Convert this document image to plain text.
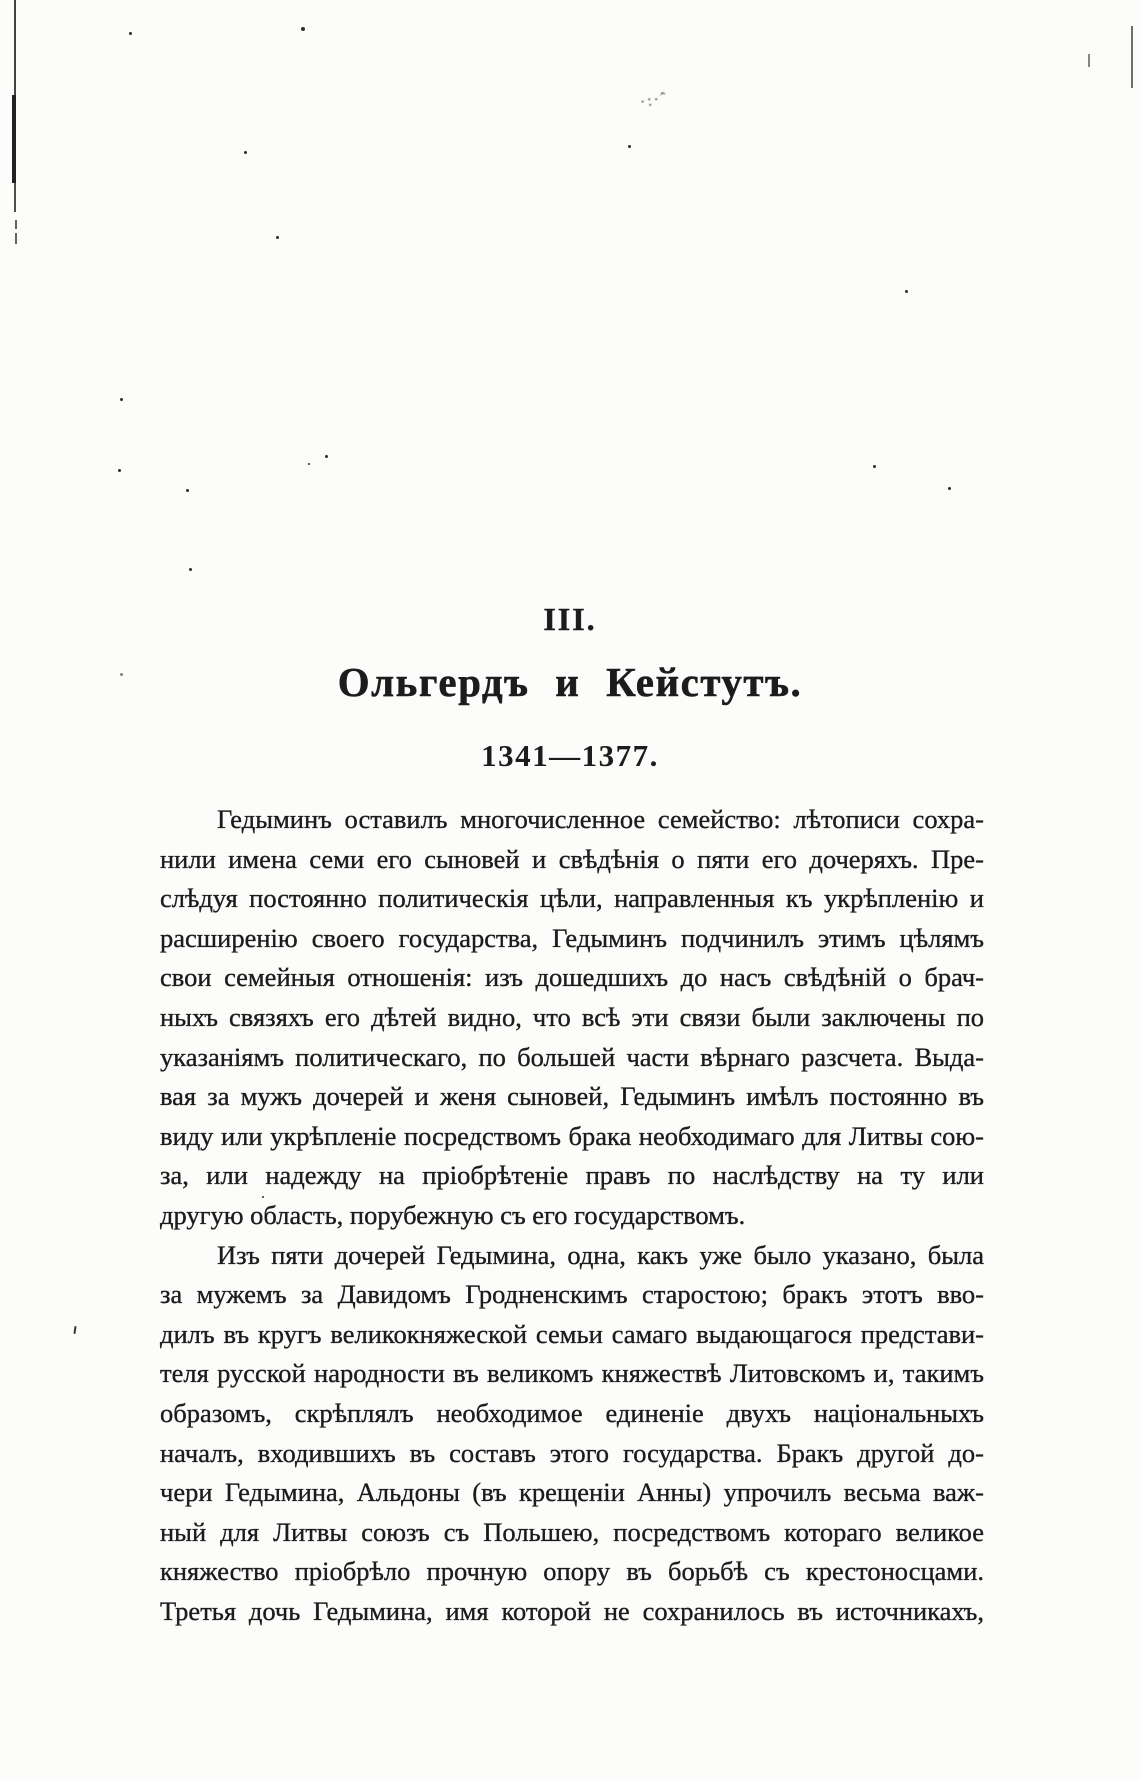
·:·ˆ
III.
Ольгердъ и Кейстутъ.
1341—1377.
Гедыминъ оставилъ многочисленное семейство: лѣтописи сохра-
нили имена семи его сыновей и свѣдѣнія о пяти его дочеряхъ. Пре-
слѣдуя постоянно политическія цѣли, направленныя къ укрѣпленію и
расширенію своего государства, Гедыминъ подчинилъ этимъ цѣлямъ
свои семейныя отношенія: изъ дошедшихъ до насъ свѣдѣній о брач-
ныхъ связяхъ его дѣтей видно, что всѣ эти связи были заключены по
указаніямъ политическаго, по большей части вѣрнаго разсчета. Выда-
вая за мужъ дочерей и женя сыновей, Гедыминъ имѣлъ постоянно въ
виду или укрѣпленіе посредствомъ брака необходимаго для Литвы сою-
за, или надежду на пріобрѣтеніе правъ по наслѣдству на ту или
другую область, порубежную съ его государствомъ.
Изъ пяти дочерей Гедымина, одна, какъ уже было указано, была
за мужемъ за Давидомъ Гродненскимъ старостою; бракъ этотъ вво-
дилъ въ кругъ великокняжеской семьи самаго выдающагося представи-
теля русской народности въ великомъ княжествѣ Литовскомъ и, такимъ
образомъ, скрѣплялъ необходимое единеніе двухъ національныхъ
началъ, входившихъ въ составъ этого государства. Бракъ другой до-
чери Гедымина, Альдоны (въ крещеніи Анны) упрочилъ весьма важ-
ный для Литвы союзъ съ Польшею, посредствомъ котораго великое
княжество пріобрѣло прочную опору въ борьбѣ съ крестоносцами.
Третья дочь Гедымина, имя которой не сохранилось въ источникахъ,
